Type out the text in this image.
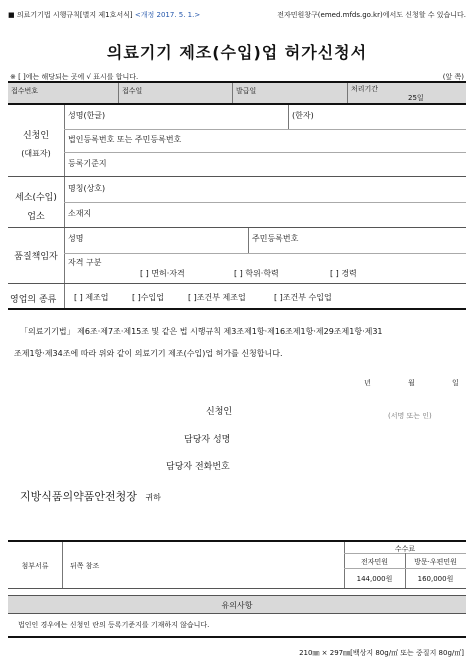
■ 의료기기법 시행규칙[별지 제1호서식] <개정 2017. 5. 1.>	전자민원창구(emed.mfds.go.kr)에서도 신청할 수 있습니다.
의료기기 제조(수입)업 허가신청서
※ [ ]에는 해당되는 곳에 √ 표시를 합니다.	(앞 쪽)
접수번호	접수일	발급일	처리기간
25일
신청인
(대표자)
성명(한글)	(한자)
법인등록번호 또는 주민등록번호
등록기준지
세소(수입)
업소
명칭(상호)
소재지
품질책임자
성명	주민등록번호
자격 구분
[ ] 면허·자격	[ ] 학위·학력	[ ] 경력
영업의 종류 [ ] 제조업	[ ]수입업	[ ]조건부 제조업	[ ]조건부 수입업
「의료기기법」 제6조·제7조·제15조 및 같은 법 시행규칙 제3조제1항·제16조제1항·제29조제1항·제31
조제1항·제34조에 따라 위와 같이 의료기기 제조(수입)업 허가를 신청합니다.
년	월	일
신청인	(서명 또는 인)
담당자 성명
담당자 전화번호
지방식품의약품안전청장 귀하
첨부서류	뒤쪽 참조
수수료
전자민원	방문·우편민원
144,000원	160,000원
유의사항
법인인 경우에는 신청인 란의 등록기준지를 기재하지 않습니다.
210㎜ × 297㎜[백상지 80g/㎡ 또는 중질지 80g/㎡]
